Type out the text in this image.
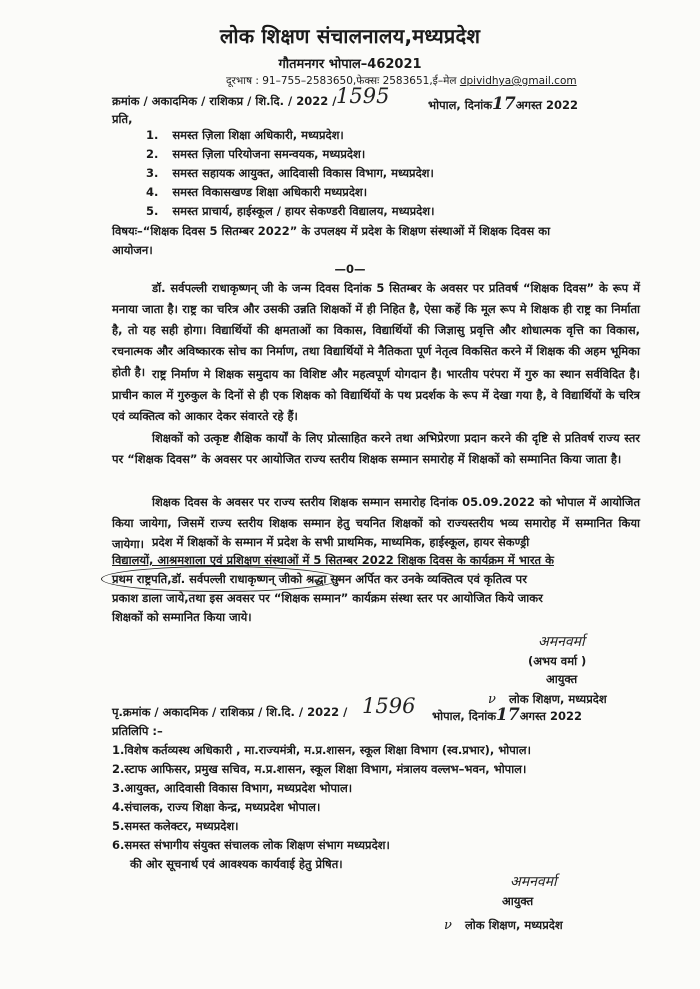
लोक शिक्षण संचालनालय,मध्यप्रदेश
गौतमनगर भोपाल–462021
दूरभाष : 91–755–2583650,फेक्सः 2583651,ई–मेल dpividhya@gmail.com
क्रमांक / अकादमिक / राशिकप्र / शि.दि. / 2022 / 1595	भोपाल, दिनांक17अगस्त 2022
प्रति,
1. समस्त ज़िला शिक्षा अधिकारी, मध्यप्रदेश।
2. समस्त ज़िला परियोजना समन्वयक, मध्यप्रदेश।
3. समस्त सहायक आयुक्त, आदिवासी विकास विभाग, मध्यप्रदेश।
4. समस्त विकासखण्ड शिक्षा अधिकारी मध्यप्रदेश।
5. समस्त प्राचार्य, हाईस्कूल / हायर सेकण्डरी विद्यालय, मध्यप्रदेश।
विषयः–“शिक्षक दिवस 5 सितम्बर 2022” के उपलक्ष्य में प्रदेश के शिक्षण संस्थाओं में शिक्षक दिवस का
आयोजन।
—0—

डॉ. सर्वपल्ली राधाकृष्णन् जी के जन्म दिवस दिनांक 5 सितम्बर के अवसर पर प्रतिवर्ष “शिक्षक दिवस” के रूप में मनाया जाता है। राष्ट्र का चरित्र और उसकी उन्नति शिक्षकों में ही निहित है, ऐसा कहें कि मूल रूप मे शिक्षक ही राष्ट्र का निर्माता है, तो यह सही होगा। विद्यार्थियों की क्षमताओं का विकास, विद्यार्थियों की जिज्ञासु प्रवृत्ति और शोधात्मक वृत्ति का विकास, रचनात्मक और अविष्कारक सोच का निर्माण, तथा विद्यार्थियों मे नैतिकता पूर्ण नेतृत्व विकसित करने में शिक्षक की अहम भूमिका होती है। राष्ट्र निर्माण मे शिक्षक समुदाय का विशिष्ट और महत्वपूर्ण योगदान है। भारतीय परंपरा में गुरु का स्थान सर्वविदित है। प्राचीन काल में गुरुकुल के दिनों से ही एक शिक्षक को विद्यार्थियों के पथ प्रदर्शक के रूप में देखा गया है, वे विद्यार्थियों के चरित्र एवं व्यक्तित्व को आकार देकर संवारते रहे हैं।

शिक्षकों को उत्कृष्ट शैक्षिक कार्यों के लिए प्रोत्साहित करने तथा अभिप्रेरणा प्रदान करने की दृष्टि से प्रतिवर्ष राज्य स्तर पर “शिक्षक दिवस” के अवसर पर आयोजित राज्य स्तरीय शिक्षक सम्मान समारोह में शिक्षकों को सम्मानित किया जाता है।

शिक्षक दिवस के अवसर पर राज्य स्तरीय शिक्षक सम्मान समारोह दिनांक 05.09.2022 को भोपाल में आयोजित किया जायेगा, जिसमें राज्य स्तरीय शिक्षक सम्मान हेतु चयनित शिक्षकों को राज्यस्तरीय भव्य समारोह में सम्मानित किया जायेगा। प्रदेश में शिक्षकों के सम्मान में प्रदेश के सभी प्राथमिक, माध्यमिक, हाईस्कूल, हायर सेकण्ड्री
विद्यालयों, आश्रमशाला एवं प्रशिक्षण संस्थाओं में 5 सितम्बर 2022 शिक्षक दिवस के कार्यक्रम में भारत के
प्रथम राष्ट्रपति,डॉ. सर्वपल्ली राधाकृष्णन् जीको श्रद्धा सुमन अर्पित कर उनके व्यक्तित्व एवं कृतित्व पर
प्रकाश डाला जाये,तथा इस अवसर पर “शिक्षक सम्मान” कार्यक्रम संस्था स्तर पर आयोजित किये जाकर
शिक्षकों को सम्मानित किया जाये।
अमनवर्मा
(अभय वर्मा )
आयुक्त
ν लोक शिक्षण, मध्यप्रदेश
पृ.क्रमांक / अकादमिक / राशिकप्र / शि.दि. / 2022 / 1596 भोपाल, दिनांक17अगस्त 2022
प्रतिलिपि :–
1.विशेष कर्तव्यस्थ अधिकारी , मा.राज्यमंत्री, म.प्र.शासन, स्कूल शिक्षा विभाग (स्व.प्रभार), भोपाल।
2.स्टाफ आफिसर, प्रमुख सचिव, म.प्र.शासन, स्कूल शिक्षा विभाग, मंत्रालय वल्लभ–भवन, भोपाल।
3.आयुक्त, आदिवासी विकास विभाग, मध्यप्रदेश भोपाल।
4.संचालक, राज्य शिक्षा केन्द्र, मध्यप्रदेश भोपाल।
5.समस्त कलेक्टर, मध्यप्रदेश।
6.समस्त संभागीय संयुक्त संचालक लोक शिक्षण संभाग मध्यप्रदेश।
की ओर सूचनार्थ एवं आवश्यक कार्यवाई हेतु प्रेषित।
अमनवर्मा
आयुक्त
ν लोक शिक्षण, मध्यप्रदेश
